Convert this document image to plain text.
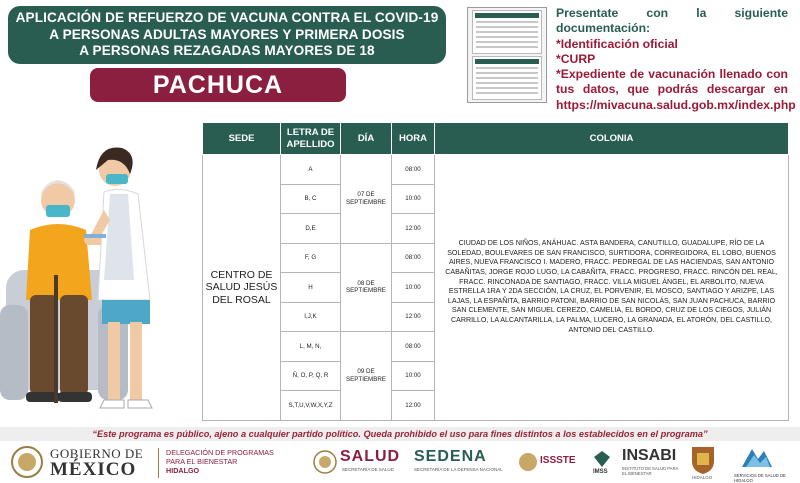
APLICACIÓN DE REFUERZO DE VACUNA CONTRA EL COVID-19
A PERSONAS ADULTAS MAYORES Y PRIMERA DOSIS
A PERSONAS REZAGADAS MAYORES DE 18
PACHUCA
Presentate con la siguiente documentación:
*Identificación oficial
*CURP
*Expediente de vacunación llenado con tus datos, que podrás descargar en https://mivacuna.salud.gob.mx/index.php
SEDE	LETRA DE APELLIDO	DÍA	HORA	COLONIA
CENTRO DE SALUD JESÚS DEL ROSAL	A	07 DE SEPTIEMBRE	08:00	CIUDAD DE LOS NIÑOS, ANÁHUAC. ASTA BANDERA, CANUTILLO, GUADALUPE, RÍO DE LA SOLEDAD, BOULEVARES DE SAN FRANCISCO, SURTIDORA, CORREGIDORA, EL LOBO, BUENOS AIRES, NUEVA FRANCISCO I. MADERO, FRACC. PEDREGAL DE LAS HACIENDAS, SAN ANTONIO CABAÑITAS, JORGE ROJO LUGO, LA CABAÑITA, FRACC. PROGRESO, FRACC. RINCÓN DEL REAL, FRACC. RINCONADA DE SANTIAGO, FRACC. VILLA MIGUEL ÁNGEL, EL ARBOLITO, NUEVA ESTRELLA 1RA Y 2DA SECCIÓN, LA CRUZ, EL PORVENIR, EL MOSCO, SANTIAGO Y ARIZPE, LAS LAJAS, LA ESPAÑITA, BARRIO PATONI, BARRIO DE SAN NICOLÁS, SAN JUAN PACHUCA, BARRIO SAN CLEMENTE, SAN MIGUEL CEREZO, CAMELIA, EL BORDO, CRUZ DE LOS CIEGOS, JULIÁN CARRILLO, LA ALCANTARILLA, LA PALMA, LUCERO, LA GRANADA, EL ATORÓN, DEL CASTILLO, ANTONIO DEL CASTILLO.
	B, C		10:00	
	D,E		12:00	
	F, G	08 DE SEPTIEMBRE	08:00	
	H		10:00	
	I,J,K		12:00	
	L, M, N,	09 DE SEPTIEMBRE	08:00	
	Ñ, O, P, Q, R		10:00	
	S,T,U,V,W,X,Y,Z		12:00	
“Este programa es público, ajeno a cualquier partido político. Queda prohibido el uso para fines distintos a los establecidos en el programa”
GOBIERNO DE
MÉXICO
DELEGACIÓN DE PROGRAMAS
PARA EL BIENESTAR
HIDALGO
SALUD
SECRETARÍA DE SALUD
SEDENA
SECRETARÍA DE LA DEFENSA NACIONAL
ISSSTE
IMSS
INSABI
INSTITUTO DE SALUD PARA EL BIENESTAR
HIDALGO	SERVICIOS DE SALUD DE HIDALGO
